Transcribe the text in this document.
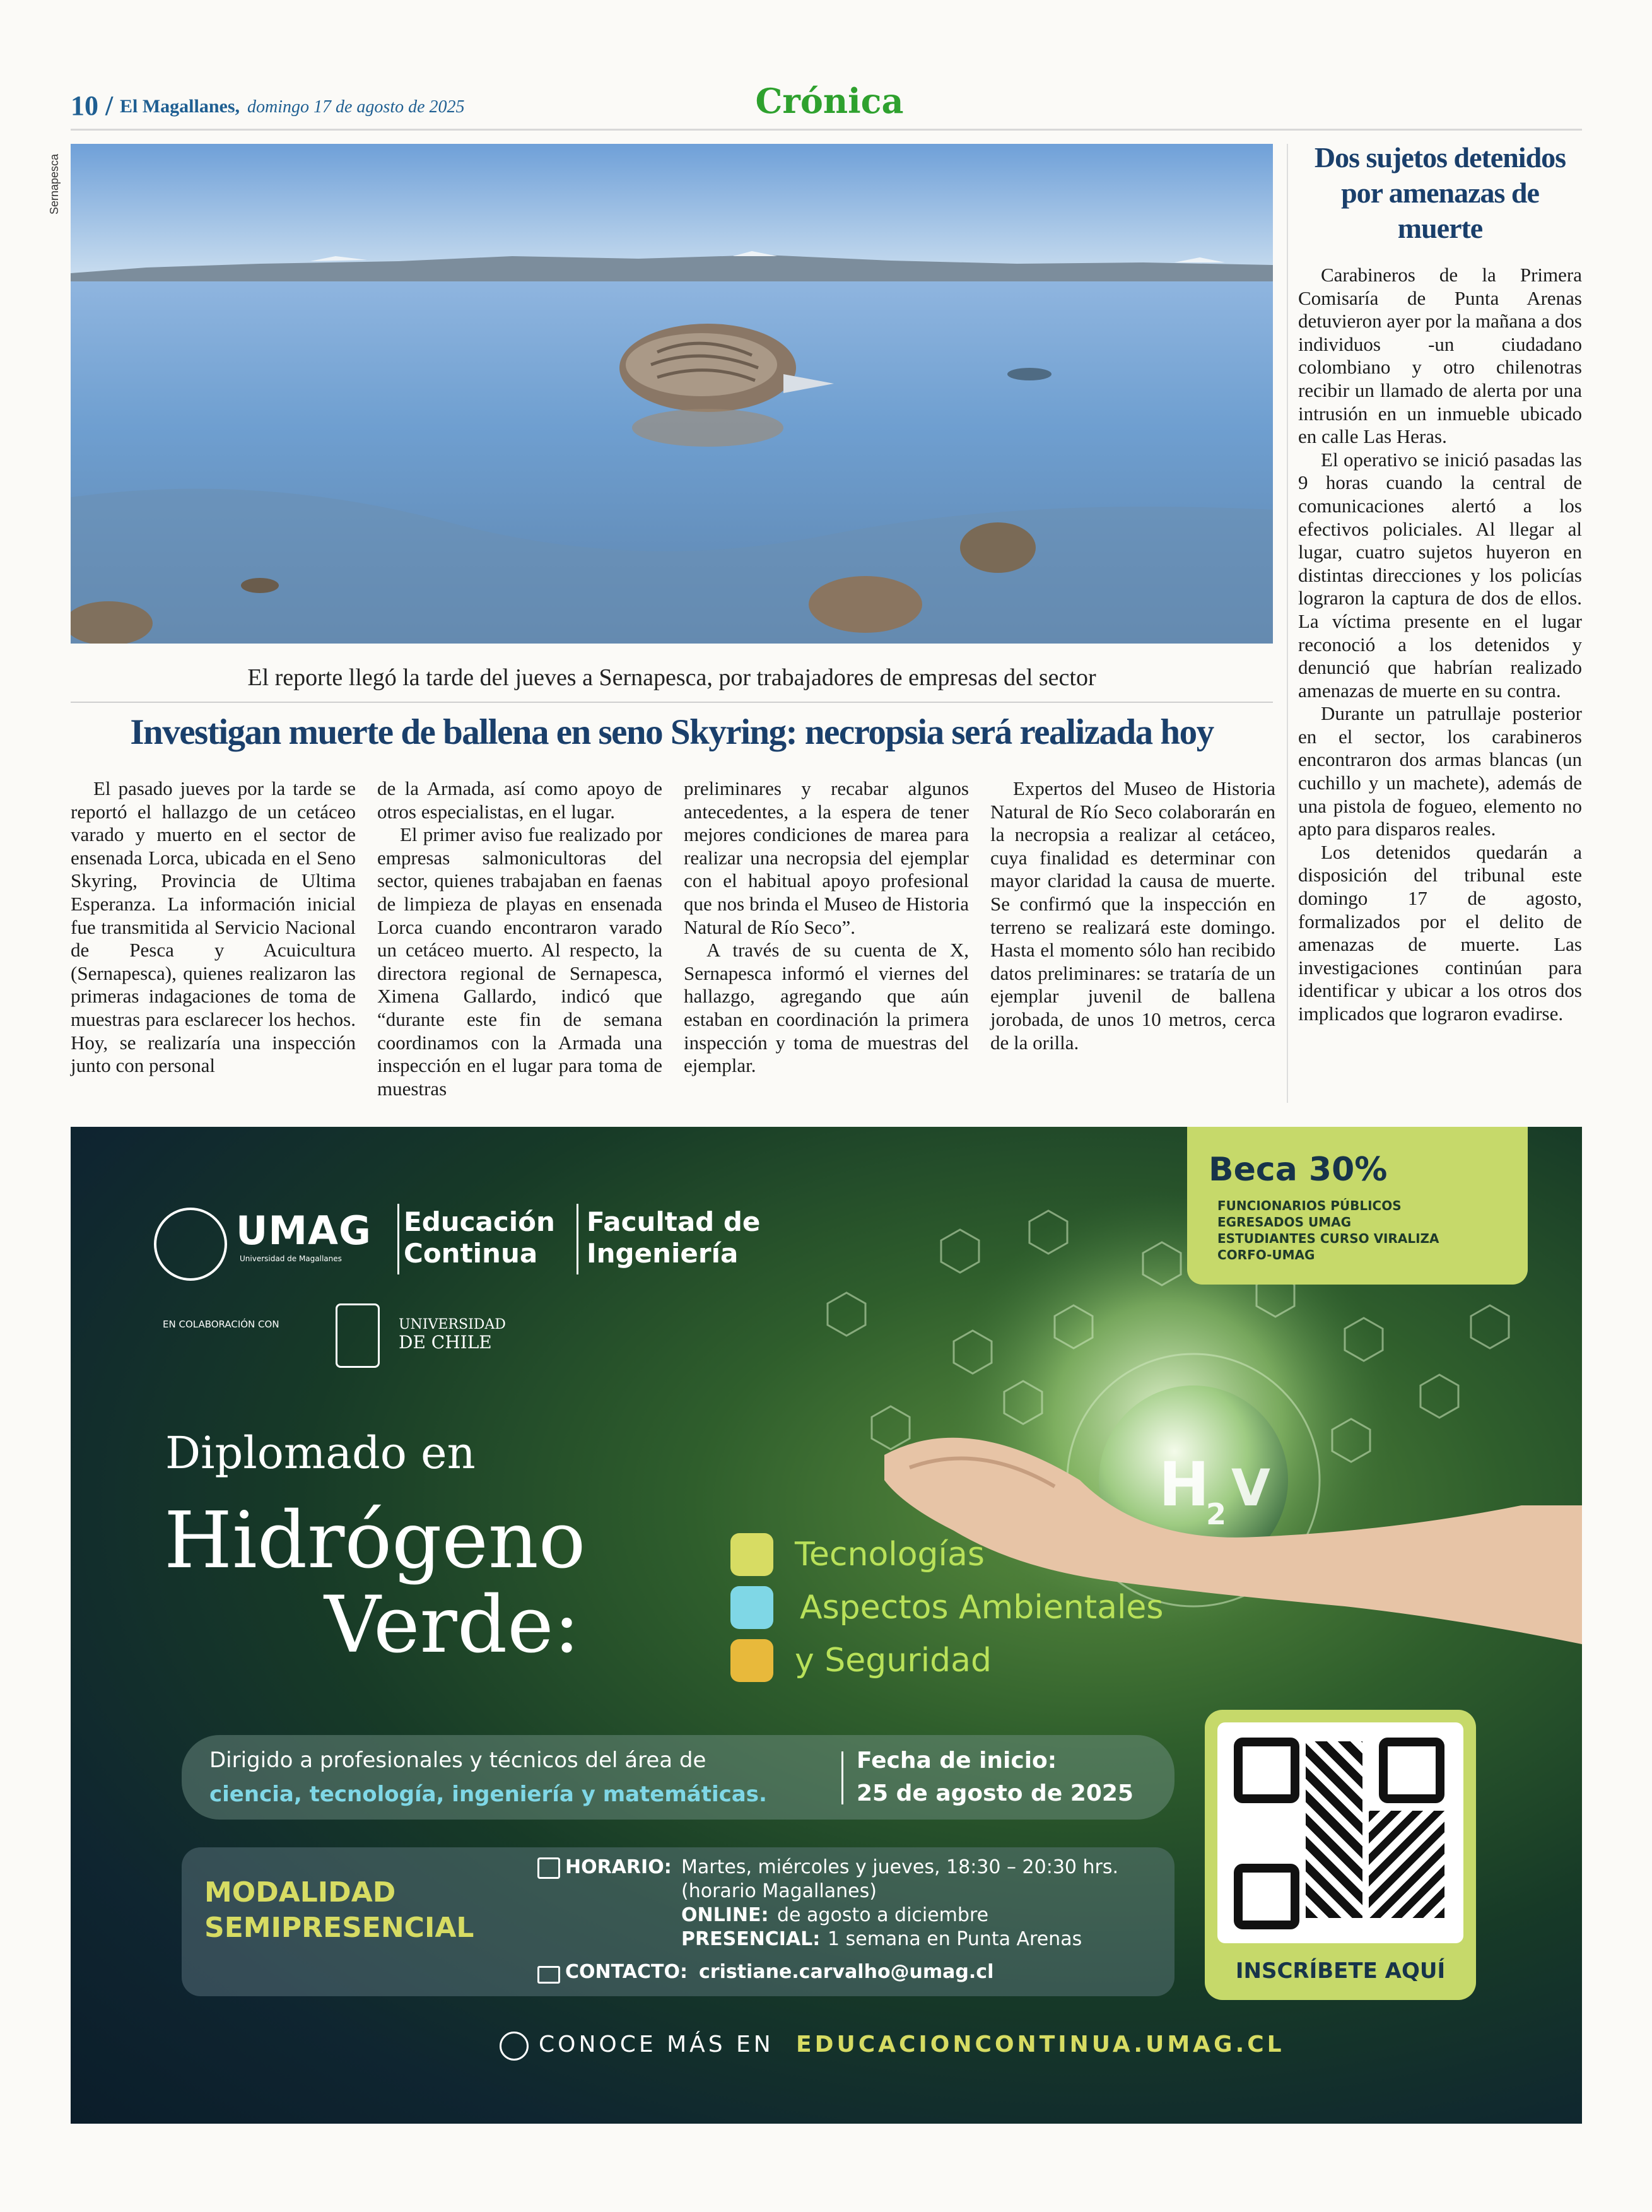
10 / El Magallanes, domingo 17 de agosto de 2025	Crónica
Sernapesca
El reporte llegó la tarde del jueves a Sernapesca, por trabajadores de empresas del sector
Investigan muerte de ballena en seno Skyring: necropsia será realizada hoy

El pasado jueves por la tarde se reportó el hallazgo de un cetáceo varado y muerto en el sector de ensenada Lorca, ubicada en el Seno Skyring, Provincia de Ultima Esperanza. La información inicial fue transmitida al Servicio Nacional de Pesca y Acuicultura (Sernapesca), quienes realizaron las primeras indagaciones de toma de muestras para esclarecer los hechos. Hoy, se realizaría una inspección junto con personal

de la Armada, así como apoyo de otros especialistas, en el lugar.

El primer aviso fue realizado por empresas salmonicultoras del sector, quienes trabajaban en faenas de limpieza de playas en ensenada Lorca cuando encontraron varado un cetáceo muerto. Al respecto, la directora regional de Sernapesca, Ximena Gallardo, indicó que “durante este fin de semana coordinamos con la Armada una inspección en el lugar para toma de muestras

preliminares y recabar algunos antecedentes, a la espera de tener mejores condiciones de marea para realizar una necropsia del ejemplar con el habitual apoyo profesional que nos brinda el Museo de Historia Natural de Río Seco”.

A través de su cuenta de X, Sernapesca informó el viernes del hallazgo, agregando que aún estaban en coordinación la primera inspección y toma de muestras del ejemplar.

Expertos del Museo de Historia Natural de Río Seco colaborarán en la necropsia a realizar al cetáceo, cuya finalidad es determinar con mayor claridad la causa de muerte. Se confirmó que la inspección en terreno se realizará este domingo. Hasta el momento sólo han recibido datos preliminares: se trataría de un ejemplar juvenil de ballena jorobada, de unos 10 metros, cerca de la orilla.

Dos sujetos detenidos por amenazas de muerte

Carabineros de la Primera Comisaría de Punta Arenas detuvieron ayer por la mañana a dos individuos -un ciudadano colombiano y otro chilenotras recibir un llamado de alerta por una intrusión en un inmueble ubicado en calle Las Heras.

El operativo se inició pasadas las 9 horas cuando la central de comunicaciones alertó a los efectivos policiales. Al llegar al lugar, cuatro sujetos huyeron en distintas direcciones y los policías lograron la captura de dos de ellos. La víctima presente en el lugar reconoció a los detenidos y denunció que habrían realizado amenazas de muerte en su contra.

Durante un patrullaje posterior en el sector, los carabineros encontraron dos armas blancas (un cuchillo y un machete), además de una pistola de fogueo, elemento no apto para disparos reales.

Los detenidos quedarán a disposición del tribunal este domingo 17 de agosto, formalizados por el delito de amenazas de muerte. Las investigaciones continúan para identificar y ubicar a los otros dos implicados que lograron evadirse.

H
2 V
UMAG
Universidad de Magallanes
Educación
Continua
Facultad de
Ingeniería
EN COLABORACIÓN CON	UNIVERSIDAD
DE CHILE
Beca 30%
FUNCIONARIOS PÚBLICOS
EGRESADOS UMAG
ESTUDIANTES CURSO VIRALIZA
CORFO-UMAG
Diplomado en
Hidrógeno
Verde:
Tecnologías
Aspectos Ambientales
y Seguridad
Dirigido a profesionales y técnicos del área de
ciencia, tecnología, ingeniería y matemáticas.
Fecha de inicio:
25 de agosto de 2025
MODALIDAD
SEMIPRESENCIAL
HORARIO: Martes, miércoles y jueves, 18:30 – 20:30 hrs.
(horario Magallanes)
ONLINE: de agosto a diciembre
PRESENCIAL: 1 semana en Punta Arenas
CONTACTO: cristiane.carvalho@umag.cl	INSCRÍBETE AQUÍ
CONOCE MÁS EN EDUCACIONCONTINUA.UMAG.CL
